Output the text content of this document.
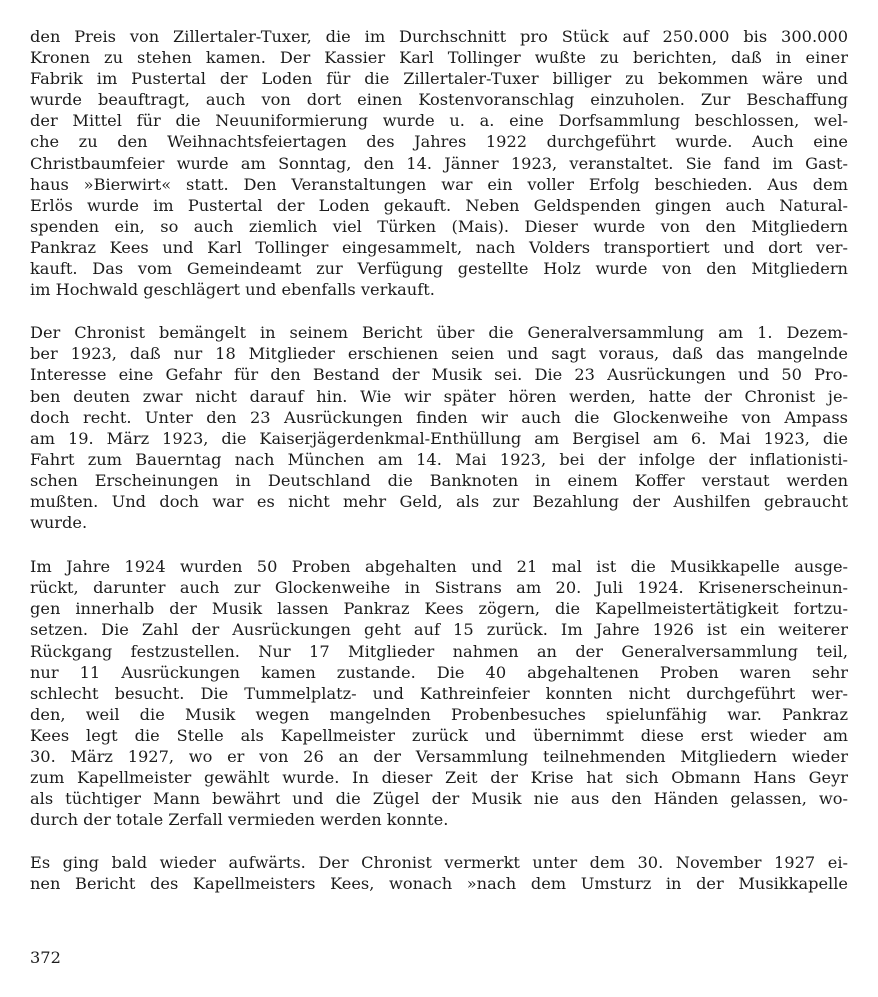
den Preis von Zillertaler-Tuxer, die im Durchschnitt pro Stück auf 250.000 bis 300.000
Kronen zu stehen kamen. Der Kassier Karl Tollinger wußte zu berichten, daß in einer
Fabrik im Pustertal der Loden für die Zillertaler-Tuxer billiger zu bekommen wäre und
wurde beauftragt, auch von dort einen Kostenvoranschlag einzuholen. Zur Beschaffung
der Mittel für die Neuuniformierung wurde u. a. eine Dorfsammlung beschlossen, wel-
che zu den Weihnachtsfeiertagen des Jahres 1922 durchgeführt wurde. Auch eine
Christbaumfeier wurde am Sonntag, den 14. Jänner 1923, veranstaltet. Sie fand im Gast-
haus »Bierwirt« statt. Den Veranstaltungen war ein voller Erfolg beschieden. Aus dem
Erlös wurde im Pustertal der Loden gekauft. Neben Geldspenden gingen auch Natural-
spenden ein, so auch ziemlich viel Türken (Mais). Dieser wurde von den Mitgliedern
Pankraz Kees und Karl Tollinger eingesammelt, nach Volders transportiert und dort ver-
kauft. Das vom Gemeindeamt zur Verfügung gestellte Holz wurde von den Mitgliedern
im Hochwald geschlägert und ebenfalls verkauft.
Der Chronist bemängelt in seinem Bericht über die Generalversammlung am 1. Dezem-
ber 1923, daß nur 18 Mitglieder erschienen seien und sagt voraus, daß das mangelnde
Interesse eine Gefahr für den Bestand der Musik sei. Die 23 Ausrückungen und 50 Pro-
ben deuten zwar nicht darauf hin. Wie wir später hören werden, hatte der Chronist je-
doch recht. Unter den 23 Ausrückungen finden wir auch die Glockenweihe von Ampass
am 19. März 1923, die Kaiserjägerdenkmal-Enthüllung am Bergisel am 6. Mai 1923, die
Fahrt zum Bauerntag nach München am 14. Mai 1923, bei der infolge der inflationisti-
schen Erscheinungen in Deutschland die Banknoten in einem Koffer verstaut werden
mußten. Und doch war es nicht mehr Geld, als zur Bezahlung der Aushilfen gebraucht
wurde.
Im Jahre 1924 wurden 50 Proben abgehalten und 21 mal ist die Musikkapelle ausge-
rückt, darunter auch zur Glockenweihe in Sistrans am 20. Juli 1924. Krisenerscheinun-
gen innerhalb der Musik lassen Pankraz Kees zögern, die Kapellmeistertätigkeit fortzu-
setzen. Die Zahl der Ausrückungen geht auf 15 zurück. Im Jahre 1926 ist ein weiterer
Rückgang festzustellen. Nur 17 Mitglieder nahmen an der Generalversammlung teil,
nur 11 Ausrückungen kamen zustande. Die 40 abgehaltenen Proben waren sehr
schlecht besucht. Die Tummelplatz- und Kathreinfeier konnten nicht durchgeführt wer-
den, weil die Musik wegen mangelnden Probenbesuches spielunfähig war. Pankraz
Kees legt die Stelle als Kapellmeister zurück und übernimmt diese erst wieder am
30. März 1927, wo er von 26 an der Versammlung teilnehmenden Mitgliedern wieder
zum Kapellmeister gewählt wurde. In dieser Zeit der Krise hat sich Obmann Hans Geyr
als tüchtiger Mann bewährt und die Zügel der Musik nie aus den Händen gelassen, wo-
durch der totale Zerfall vermieden werden konnte.
Es ging bald wieder aufwärts. Der Chronist vermerkt unter dem 30. November 1927 ei-
nen Bericht des Kapellmeisters Kees, wonach »nach dem Umsturz in der Musikkapelle
372
